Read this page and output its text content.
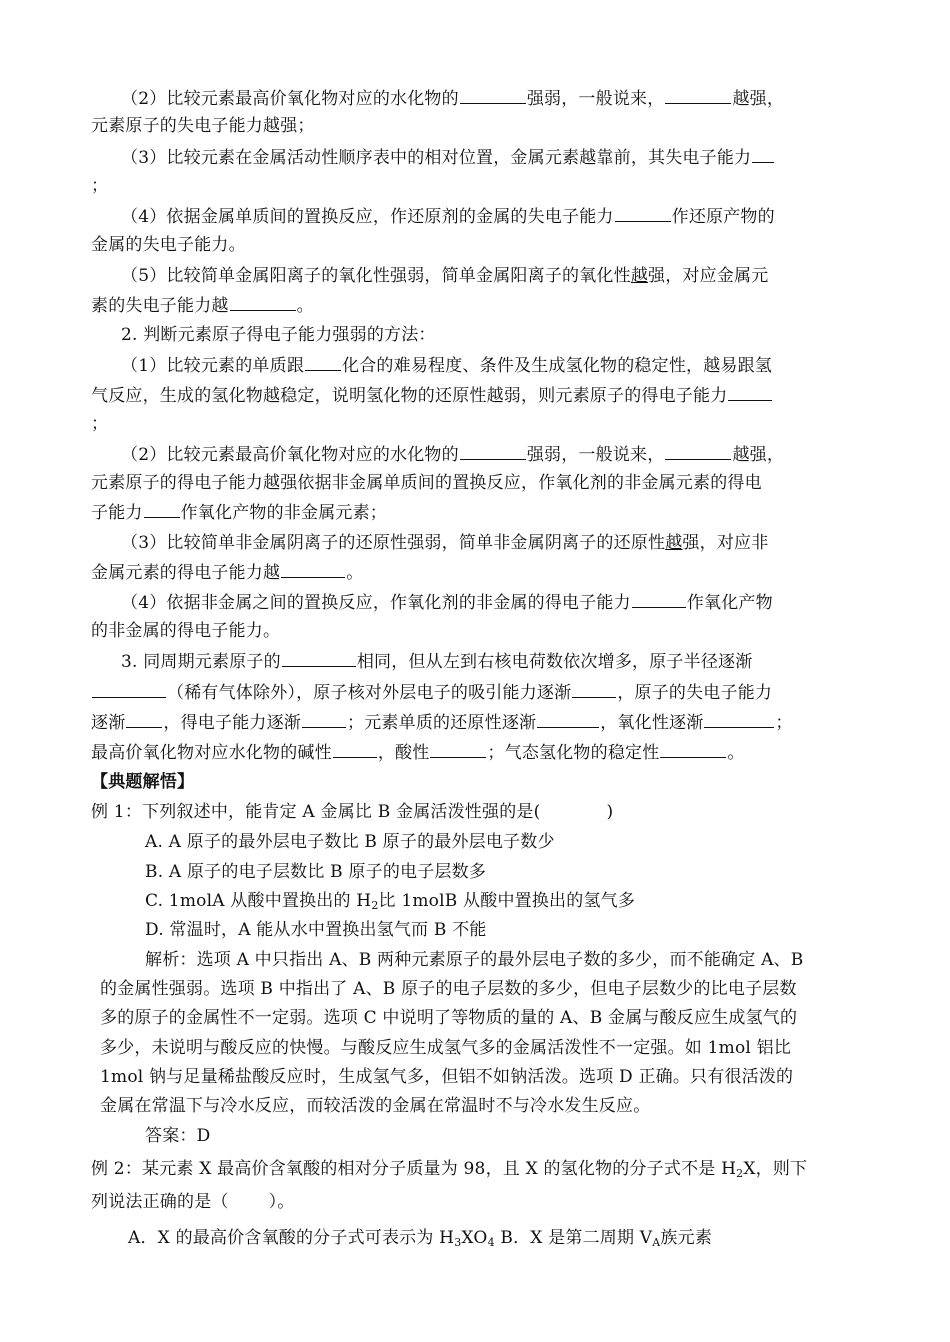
（2）比较元素最高价氧化物对应的水化物的	强弱，一般说来，	越强，
元素原子的失电子能力越强；
（3）比较元素在金属活动性顺序表中的相对位置，金属元素越靠前，其失电子能力
；
（4）依据金属单质间的置换反应，作还原剂的金属的失电子能力	作还原产物的
金属的失电子能力。
（5）比较简单金属阳离子的氧化性强弱，简单金属阳离子的氧化性越强，对应金属元
素的失电子能力越	。
2. 判断元素原子得电子能力强弱的方法：
（1）比较元素的单质跟 化合的难易程度、条件及生成氢化物的稳定性，越易跟氢
气反应，生成的氢化物越稳定，说明氢化物的还原性越弱，则元素原子的得电子能力
；
（2）比较元素最高价氧化物对应的水化物的	强弱，一般说来，	越强，
元素原子的得电子能力越强依据非金属单质间的置换反应，作氧化剂的非金属元素的得电
子能力 作氧化产物的非金属元素；
（3）比较简单非金属阴离子的还原性强弱，简单非金属阴离子的还原性越强，对应非
金属元素的得电子能力越	。
（4）依据非金属之间的置换反应，作氧化剂的非金属的得电子能力	作氧化产物
的非金属的得电子能力。
3. 同周期元素原子的	相同，但从左到右核电荷数依次增多，原子半径逐渐
（稀有气体除外），原子核对外层电子的吸引能力逐渐	，原子的失电子能力
逐渐 ，得电子能力逐渐	；元素单质的还原性逐渐	，氧化性逐渐	；
最高价氧化物对应水化物的碱性	，酸性	；气态氢化物的稳定性	。
【典题解悟】
例 1：下列叙述中，能肯定 A 金属比 B 金属活泼性强的是(	)
A. A 原子的最外层电子数比 B 原子的最外层电子数少
B. A 原子的电子层数比 B 原子的电子层数多
C. 1molA 从酸中置换出的 $H_2$比 1molB 从酸中置换出的氢气多
D. 常温时，A 能从水中置换出氢气而 B 不能
解析：选项 A 中只指出 A、B 两种元素原子的最外层电子数的多少，而不能确定 A、B
的金属性强弱。选项 B 中指出了 A、B 原子的电子层数的多少，但电子层数少的比电子层数
多的原子的金属性不一定弱。选项 C 中说明了等物质的量的 A、B 金属与酸反应生成氢气的
多少，未说明与酸反应的快慢。与酸反应生成氢气多的金属活泼性不一定强。如 1mol 铝比
1mol 钠与足量稀盐酸反应时，生成氢气多，但铝不如钠活泼。选项 D 正确。只有很活泼的
金属在常温下与冷水反应，而较活泼的金属在常温时不与冷水发生反应。
答案：D
例 2：某元素 X 最高价含氧酸的相对分子质量为 98，且 X 的氢化物的分子式不是 $H_2X$，则下
列说法正确的是（ ）。
A．X 的最高价含氧酸的分子式可表示为 $H_3XO_4$ B．X 是第二周期 $V_A$族元素
